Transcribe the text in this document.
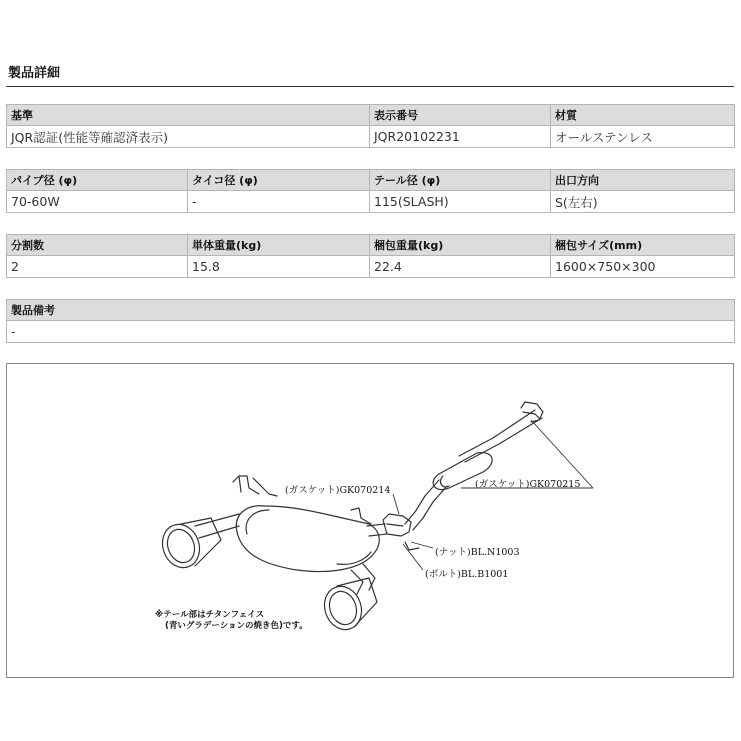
製品詳細
基準	表示番号	材質
JQR認証(性能等確認済表示)	JQR20102231	オールステンレス
パイプ径 (φ)	タイコ径 (φ)	テール径 (φ)	出口方向
70-60W	-	115(SLASH)	S(左右)
分割数	単体重量(kg)	梱包重量(kg)	梱包サイズ(mm)
2	15.8	22.4	1600×750×300
製品備考
-
(ガスケット)GK070214
(ガスケット)GK070215
(ナット)BL.N1003
(ボルト)BL.B1001
※テール部はチタンフェイス
(青いグラデーションの焼き色)です。
